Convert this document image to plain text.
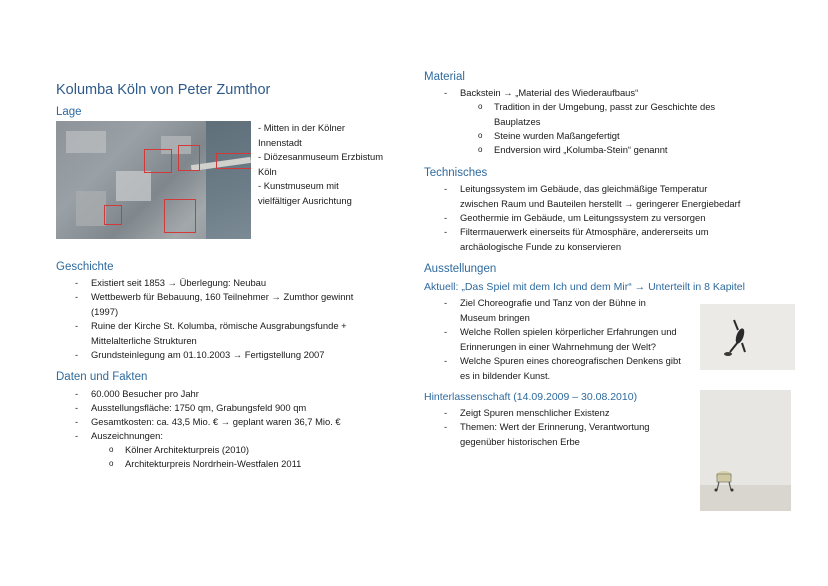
Kolumba Köln von Peter Zumthor
Lage
- Mitten in der Kölner
Innenstadt
- Diözesanmuseum Erzbistum
Köln
- Kunstmuseum mit
vielfältiger Ausrichtung
Geschichte
- Existiert seit 1853 → Überlegung: Neubau
- Wettbewerb für Bebauung, 160 Teilnehmer → Zumthor gewinnt
(1997)
- Ruine der Kirche St. Kolumba, römische Ausgrabungsfunde +
Mittelalterliche Strukturen
- Grundsteinlegung am 01.10.2003 → Fertigstellung 2007
Daten und Fakten
- 60.000 Besucher pro Jahr
- Ausstellungsfläche: 1750 qm, Grabungsfeld 900 qm
- Gesamtkosten: ca. 43,5 Mio. € → geplant waren 36,7 Mio. €
- Auszeichnungen:
o Kölner Architekturpreis (2010)
o Architekturpreis Nordrhein-Westfalen 2011
Material
- Backstein → „Material des Wiederaufbaus“
o Tradition in der Umgebung, passt zur Geschichte des
Bauplatzes
o Steine wurden Maßangefertigt
o Endversion wird „Kolumba-Stein“ genannt
Technisches
- Leitungssystem im Gebäude, das gleichmäßige Temperatur
zwischen Raum und Bauteilen herstellt → geringerer Energiebedarf
- Geothermie im Gebäude, um Leitungssystem zu versorgen
- Filtermauerwerk einerseits für Atmosphäre, andererseits um
archäologische Funde zu konservieren
Ausstellungen
Aktuell: „Das Spiel mit dem Ich und dem Mir“ → Unterteilt in 8 Kapitel
- Ziel Choreografie und Tanz von der Bühne in
Museum bringen
- Welche Rollen spielen körperlicher Erfahrungen und
Erinnerungen in einer Wahrnehmung der Welt?
- Welche Spuren eines choreografischen Denkens gibt
es in bildender Kunst.
Hinterlassenschaft (14.09.2009 – 30.08.2010)
- Zeigt Spuren menschlicher Existenz
- Themen: Wert der Erinnerung, Verantwortung
gegenüber historischen Erbe
